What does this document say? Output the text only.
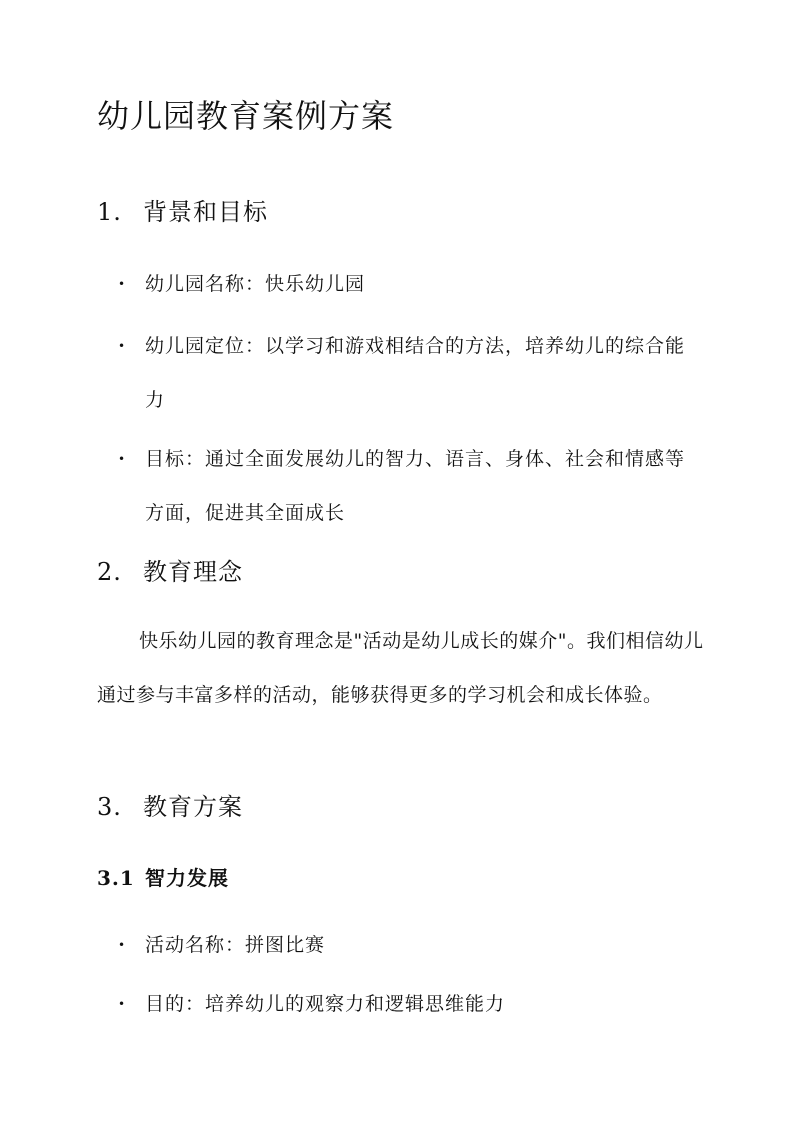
幼儿园教育案例方案
1. 背景和目标
• 幼儿园名称：快乐幼儿园
• 幼儿园定位：以学习和游戏相结合的方法，培养幼儿的综合能力
• 目标：通过全面发展幼儿的智力、语言、身体、社会和情感等方面，促进其全面成长
2. 教育理念
快乐幼儿园的教育理念是"活动是幼儿成长的媒介"。我们相信幼儿通过参与丰富多样的活动，能够获得更多的学习机会和成长体验。
3. 教育方案
3.1 智力发展
• 活动名称：拼图比赛
• 目的：培养幼儿的观察力和逻辑思维能力
